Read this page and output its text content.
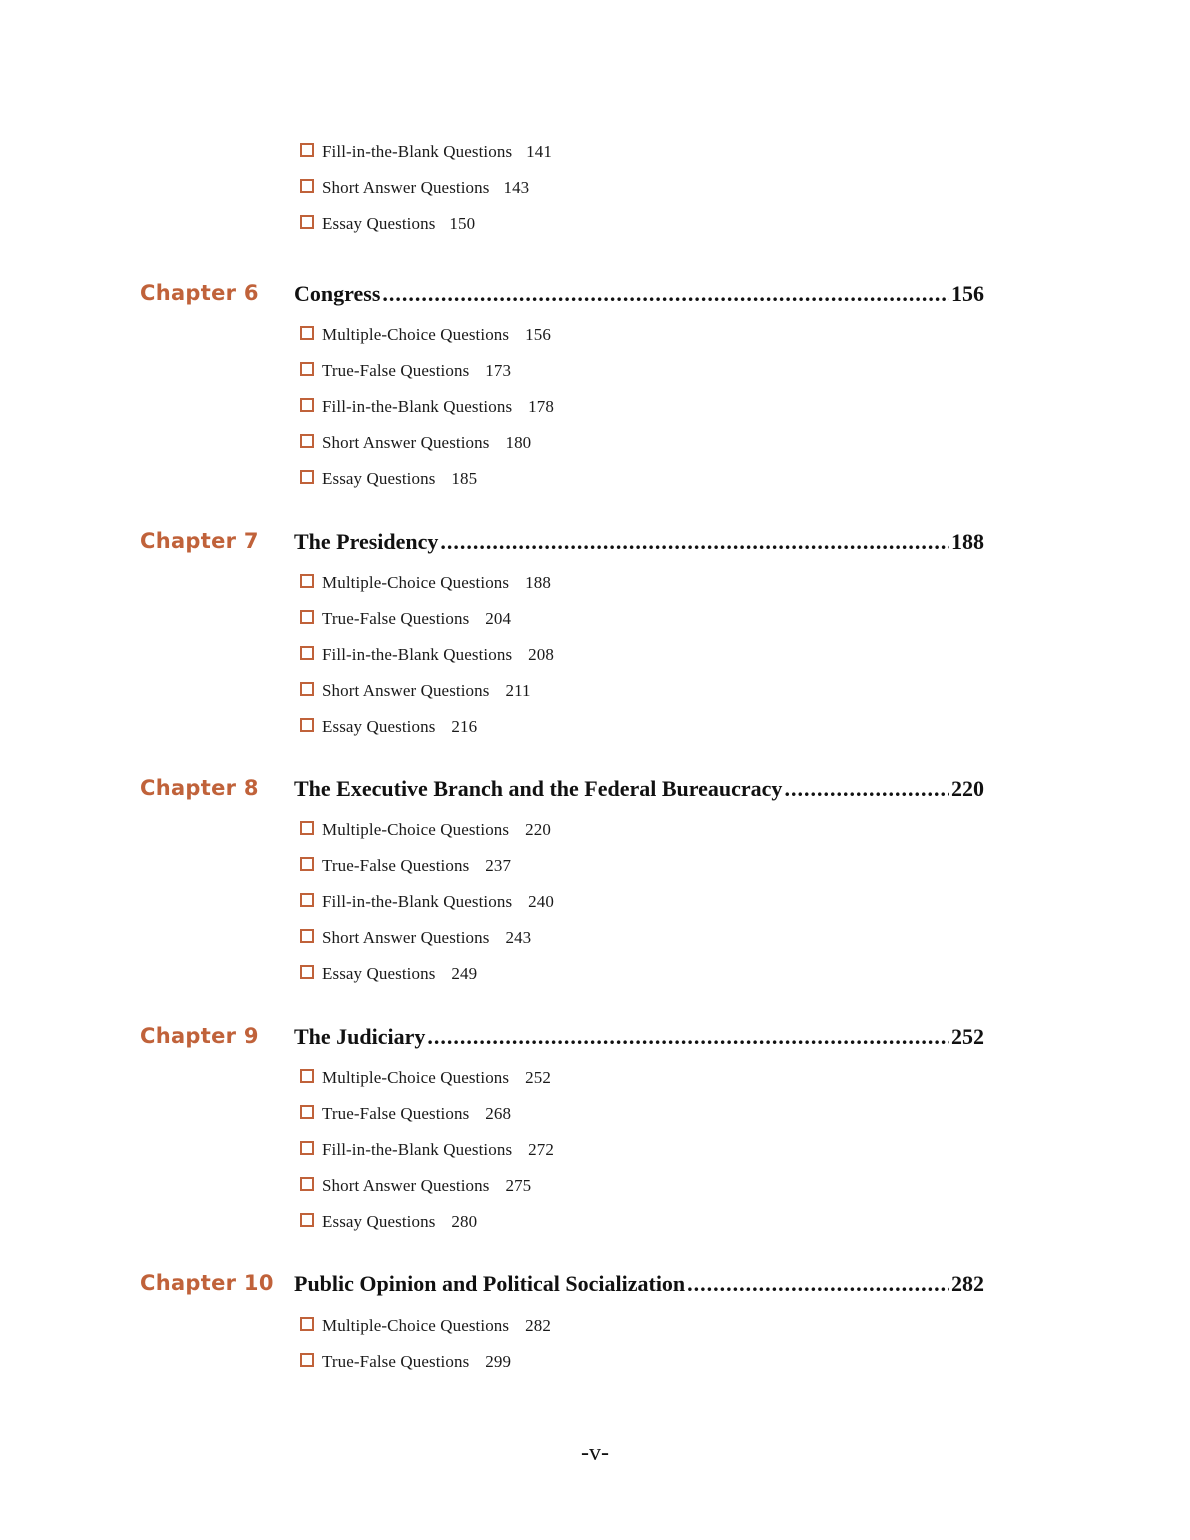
Fill-in-the-Blank Questions 141
Short Answer Questions 143
Essay Questions 150
Chapter 6 Congress .....	156
Multiple-Choice Questions 156
True-False Questions 173
Fill-in-the-Blank Questions 178
Short Answer Questions 180
Essay Questions 185
Chapter 7 The Presidency .....	188
Multiple-Choice Questions 188
True-False Questions 204
Fill-in-the-Blank Questions 208
Short Answer Questions 211
Essay Questions 216
Chapter 8 The Executive Branch and the Federal Bureaucracy .....	220
Multiple-Choice Questions 220
True-False Questions 237
Fill-in-the-Blank Questions 240
Short Answer Questions 243
Essay Questions 249
Chapter 9 The Judiciary .....	252
Multiple-Choice Questions 252
True-False Questions 268
Fill-in-the-Blank Questions 272
Short Answer Questions 275
Essay Questions 280
Chapter 10 Public Opinion and Political Socialization .....	282
Multiple-Choice Questions 282
True-False Questions 299
-v-
